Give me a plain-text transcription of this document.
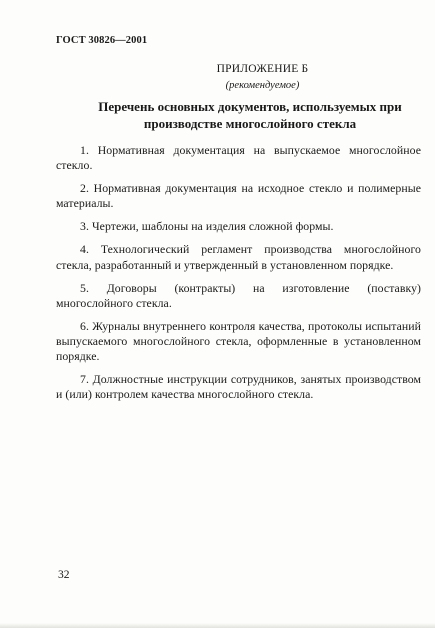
ГОСТ 30826—2001
ПРИЛОЖЕНИЕ Б
(рекомендуемое)
Перечень основных документов, используемых при производстве многослойного стекла
1. Нормативная документация на выпускаемое многослойное стекло.
2. Нормативная документация на исходное стекло и полимерные материалы.
3. Чертежи, шаблоны на изделия сложной формы.
4. Технологический регламент производства многослойного стекла, разработанный и утвержденный в установленном порядке.
5. Договоры (контракты) на изготовление (поставку) многослойного стекла.
6. Журналы внутреннего контроля качества, протоколы испытаний выпускаемого многослойного стекла, оформленные в установленном порядке.
7. Должностные инструкции сотрудников, занятых производством и (или) контролем качества многослойного стекла.
32
